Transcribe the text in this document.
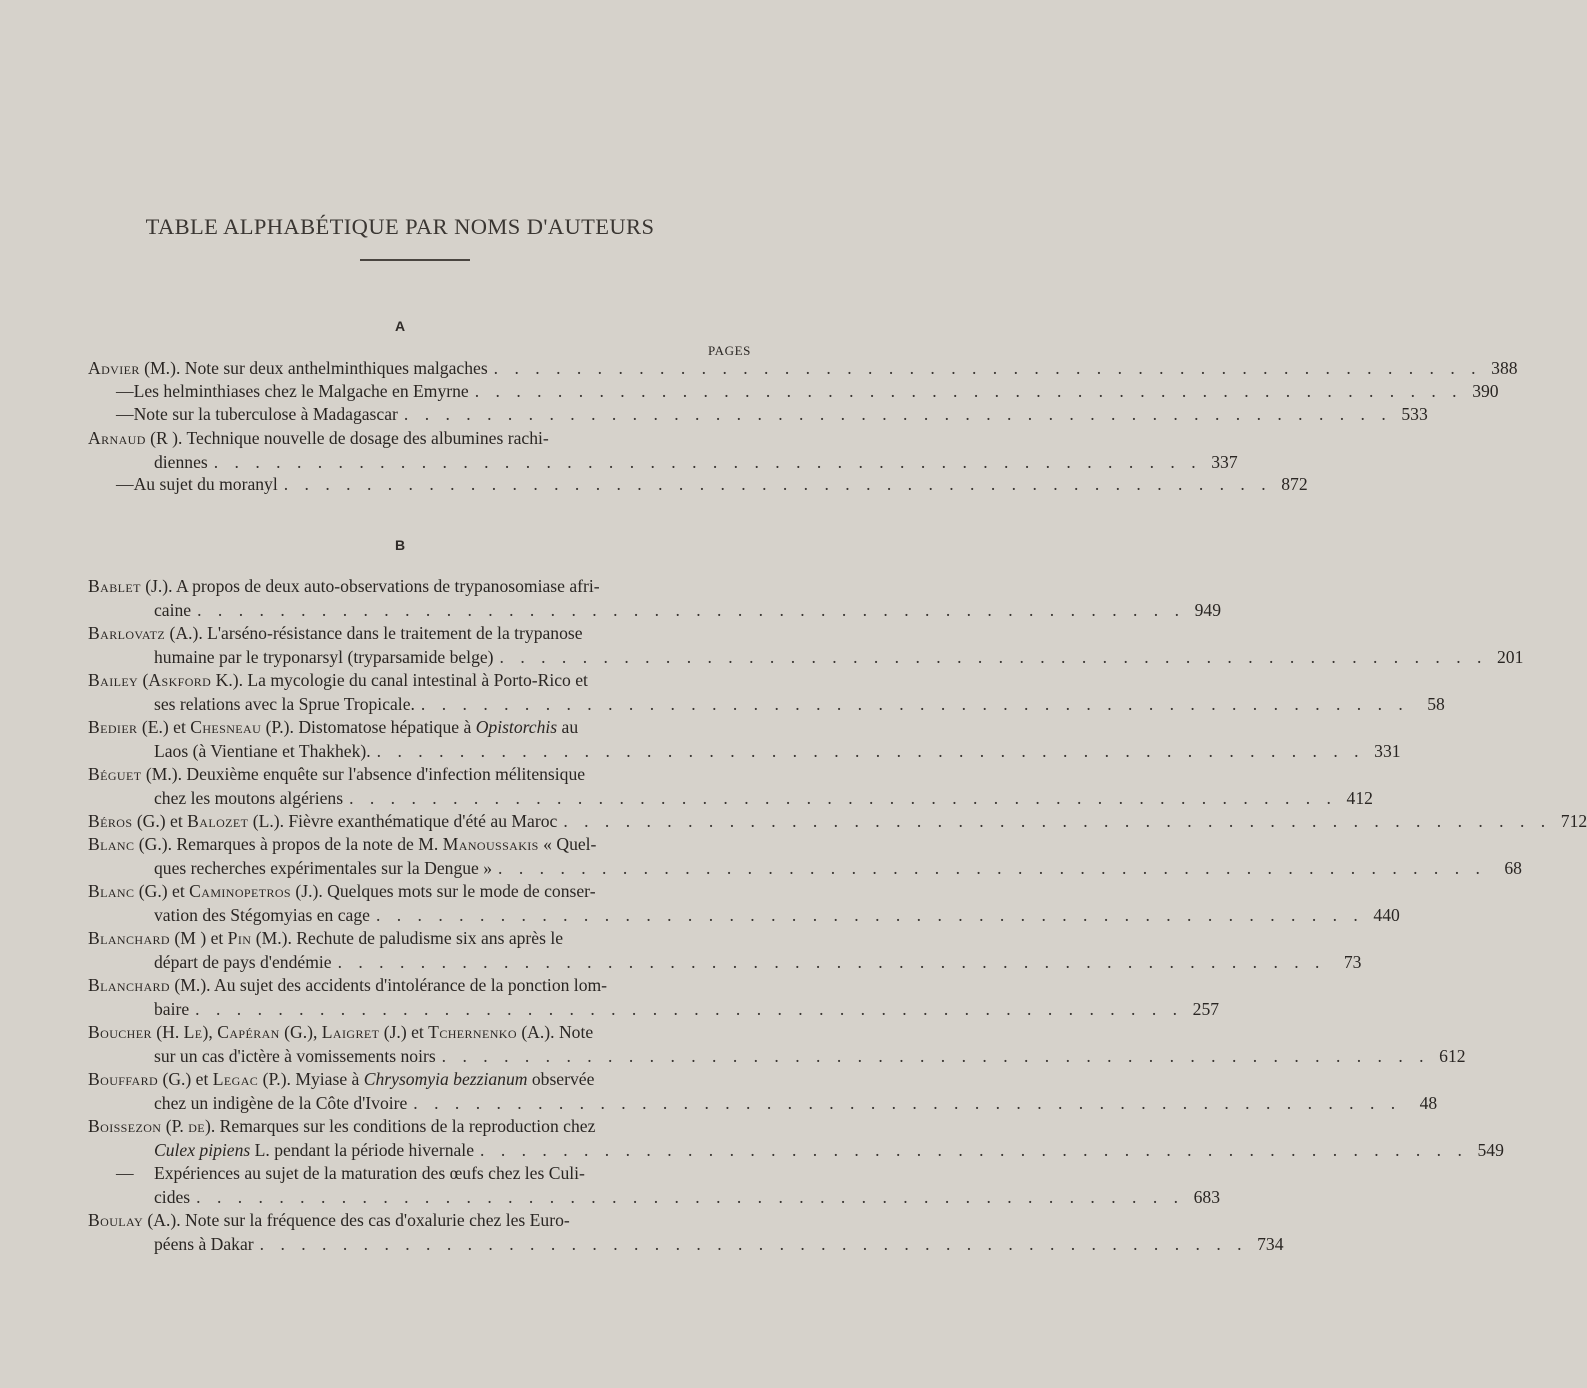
TABLE ALPHABÉTIQUE PAR NOMS D'AUTEURS
A
PAGES
Advier (M.). Note sur deux anthelminthiques malgaches . . . . . . . . . . . . . . . . . . . . . . . . . . . . . . . . . . . . . . . . . . . . . . . . 388
— Les helminthiases chez le Malgache en Emyrne . . . . . . . . . . . . . . . . . . . . . . . . . . . . . . . . . . . . . . . . . . . . . . . . 390
— Note sur la tuberculose à Madagascar . . . . . . . . . . . . . . . . . . . . . . . . . . . . . . . . . . . . . . . . . . . . . . . . 533
Arnaud (R ). Technique nouvelle de dosage des albumines rachi-
diennes . . . . . . . . . . . . . . . . . . . . . . . . . . . . . . . . . . . . . . . . . . . . . . . . 337
— Au sujet du moranyl . . . . . . . . . . . . . . . . . . . . . . . . . . . . . . . . . . . . . . . . . . . . . . . . 872
B
Bablet (J.). A propos de deux auto-observations de trypanosomiase afri-
caine . . . . . . . . . . . . . . . . . . . . . . . . . . . . . . . . . . . . . . . . . . . . . . . . 949
Barlovatz (A.). L'arséno-résistance dans le traitement de la trypanose
humaine par le tryponarsyl (tryparsamide belge) . . . . . . . . . . . . . . . . . . . . . . . . . . . . . . . . . . . . . . . . . . . . . . . . 201
Bailey (Askford K.). La mycologie du canal intestinal à Porto-Rico et
ses relations avec la Sprue Tropicale. . . . . . . . . . . . . . . . . . . . . . . . . . . . . . . . . . . . . . . . . . . . . . . . .	58
Bedier (E.) et Chesneau (P.). Distomatose hépatique à Opistorchis au
Laos (à Vientiane et Thakhek). . . . . . . . . . . . . . . . . . . . . . . . . . . . . . . . . . . . . . . . . . . . . . . . . 331
Béguet (M.). Deuxième enquête sur l'absence d'infection mélitensique
chez les moutons algériens . . . . . . . . . . . . . . . . . . . . . . . . . . . . . . . . . . . . . . . . . . . . . . . . 412
Béros (G.) et Balozet (L.). Fièvre exanthématique d'été au Maroc . . . . . . . . . . . . . . . . . . . . . . . . . . . . . . . . . . . . . . . . . . . . . . . . 712
Blanc (G.). Remarques à propos de la note de M. Manoussakis « Quel-
ques recherches expérimentales sur la Dengue » . . . . . . . . . . . . . . . . . . . . . . . . . . . . . . . . . . . . . . . . . . . . . . . .	68
Blanc (G.) et Caminopetros (J.). Quelques mots sur le mode de conser-
vation des Stégomyias en cage . . . . . . . . . . . . . . . . . . . . . . . . . . . . . . . . . . . . . . . . . . . . . . . . 440
Blanchard (M ) et Pin (M.). Rechute de paludisme six ans après le
départ de pays d'endémie . . . . . . . . . . . . . . . . . . . . . . . . . . . . . . . . . . . . . . . . . . . . . . . .	73
Blanchard (M.). Au sujet des accidents d'intolérance de la ponction lom-
baire . . . . . . . . . . . . . . . . . . . . . . . . . . . . . . . . . . . . . . . . . . . . . . . . 257
Boucher (H. Le), Capéran (G.), Laigret (J.) et Tchernenko (A.). Note
sur un cas d'ictère à vomissements noirs . . . . . . . . . . . . . . . . . . . . . . . . . . . . . . . . . . . . . . . . . . . . . . . . 612
Bouffard (G.) et Legac (P.). Myiase à Chrysomyia bezzianum observée
chez un indigène de la Côte d'Ivoire . . . . . . . . . . . . . . . . . . . . . . . . . . . . . . . . . . . . . . . . . . . . . . . .	48
Boissezon (P. de). Remarques sur les conditions de la reproduction chez
Culex pipiens L. pendant la période hivernale . . . . . . . . . . . . . . . . . . . . . . . . . . . . . . . . . . . . . . . . . . . . . . . . 549
—	Expériences au sujet de la maturation des œufs chez les Culi-
cides . . . . . . . . . . . . . . . . . . . . . . . . . . . . . . . . . . . . . . . . . . . . . . . . 683
Boulay (A.). Note sur la fréquence des cas d'oxalurie chez les Euro-
péens à Dakar . . . . . . . . . . . . . . . . . . . . . . . . . . . . . . . . . . . . . . . . . . . . . . . . 734
